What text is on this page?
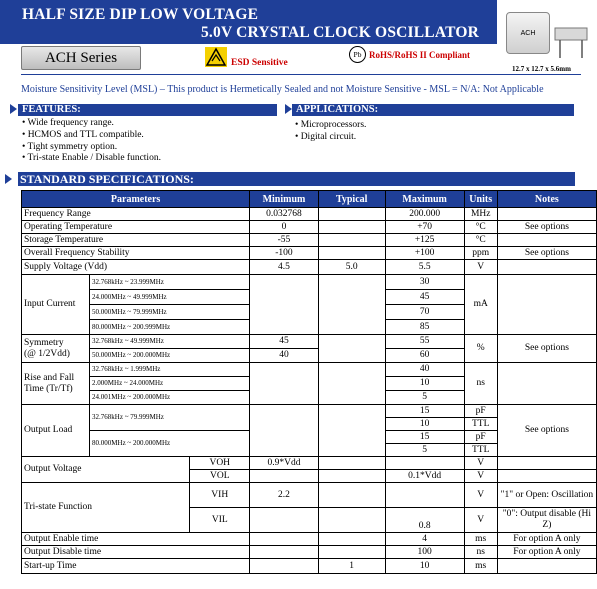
HALF SIZE DIP LOW VOLTAGE
5.0V CRYSTAL CLOCK OSCILLATOR
ACH Series	ESD Sensitive
Pb RoHS/RoHS II Compliant
ACH
12.7 x 12.7 x 5.6mm
Moisture Sensitivity Level (MSL) – This product is Hermetically Sealed and not Moisture Sensitive - MSL = N/A: Not Applicable
FEATURES:
• Wide frequency range.
• HCMOS and TTL compatible.
• Tight symmetry option.
• Tri-state Enable / Disable function.
APPLICATIONS:
• Microprocessors.
• Digital circuit.
STANDARD SPECIFICATIONS:
Parameters			Minimum	Typical	Maximum	Units	Notes
Frequency Range			0.032768		200.000	MHz	
Operating Temperature			0		+70	°C	See options
Storage Temperature			-55		+125	°C	
Overall Frequency Stability			-100		+100	ppm	See options
Supply Voltage (Vdd)			4.5	5.0	5.5	V	
Input Current	32.768kHz ~ 23.999MHz				30	mA	
	24.000MHz ~ 49.999MHz				45		
	50.000MHz ~ 79.999MHz				70		
	80.000MHz ~ 200.999MHz				85		

Symmetry
(@ 1/2Vdd)	32.768kHz ~ 49.999MHz		45		55	%	See options
	50.000MHz ~ 200.000MHz		40		60		

Rise and Fall
Time (Tr/Tf)	32.768kHz ~ 1.999MHz				40	ns	
	2.000MHz ~ 24.000MHz				10		
	24.001MHz ~ 200.000MHz				5		
Output Load	32.768kHz ~ 79.999MHz				15	pF	See options
					10	TTL	
	80.000MHz ~ 200.000MHz				15	pF	
					5	TTL	
Output Voltage		VOH	0.9*Vdd			V	
		VOL			0.1*Vdd	V	
Tri-state Function		VIH	2.2			V	"1" or Open: Oscillation
		VIL			0.8	V	"0": Output disable (Hi Z)
Output Enable time					4	ms	For option A only
Output Disable time					100	ns	For option A only
Start-up Time				1	10	ms	
